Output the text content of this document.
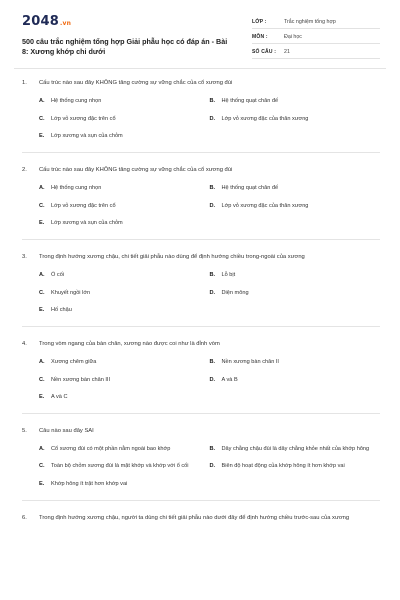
2048.vn
500 câu trắc nghiệm tổng hợp Giải phẫu học có đáp án - Bài 8: Xương khớp chi dưới
LỚP :	Trắc nghiệm tổng hợp
MÔN :	Đại học
SỐ CÂU :	21
1.	Cấu trúc nào sau đây KHÔNG tăng cường sự vững chắc của cổ xương đùi
A.	Hệ thống cung nhọn	B.	Hệ thống quạt chân đế
C.	Lớp vỏ xương đặc trên cổ	D.	Lớp vỏ xương đặc của thân xương
E.	Lớp xương và sụn của chỏm
2.	Cấu trúc nào sau đây KHÔNG tăng cường sự vững chắc của cổ xương đùi
A.	Hệ thống cung nhọn	B.	Hệ thống quạt chân đế
C.	Lớp vỏ xương đặc trên cổ	D.	Lớp vỏ xương đặc của thân xương
E.	Lớp xương và sụn của chỏm
3.	Trong định hướng xương chậu, chi tiết giải phẫu nào dùng để định hướng chiều trong-ngoài của xương
A.	Ổ cối	B.	Lỗ bịt
C.	Khuyết ngồi lớn	D.	Diện mông
E.	Hố chậu
4.	Trong vòm ngang của bàn chân, xương nào được coi như là đỉnh vòm
A.	Xương chêm giữa	B.	Nền xương bàn chân II
C.	Nền xương bàn chân III	D.	A và B
E.	A và C
5.	Câu nào sau đây SAI
A.	Cổ xương đùi có một phần nằm ngoài bao khớp	B.	Dây chằng chậu đùi là dây chằng khỏe nhất của khớp hông
C.	Toàn bộ chỏm xương đùi là mặt khớp và khớp với ổ cối	D.	Biên độ hoạt động của khớp hông ít hơn khớp vai
E.	Khớp hông ít trật hơn khớp vai
6.	Trong định hướng xương chậu, người ta dùng chi tiết giải phẫu nào dưới đây để định hướng chiều trước-sau của xương
